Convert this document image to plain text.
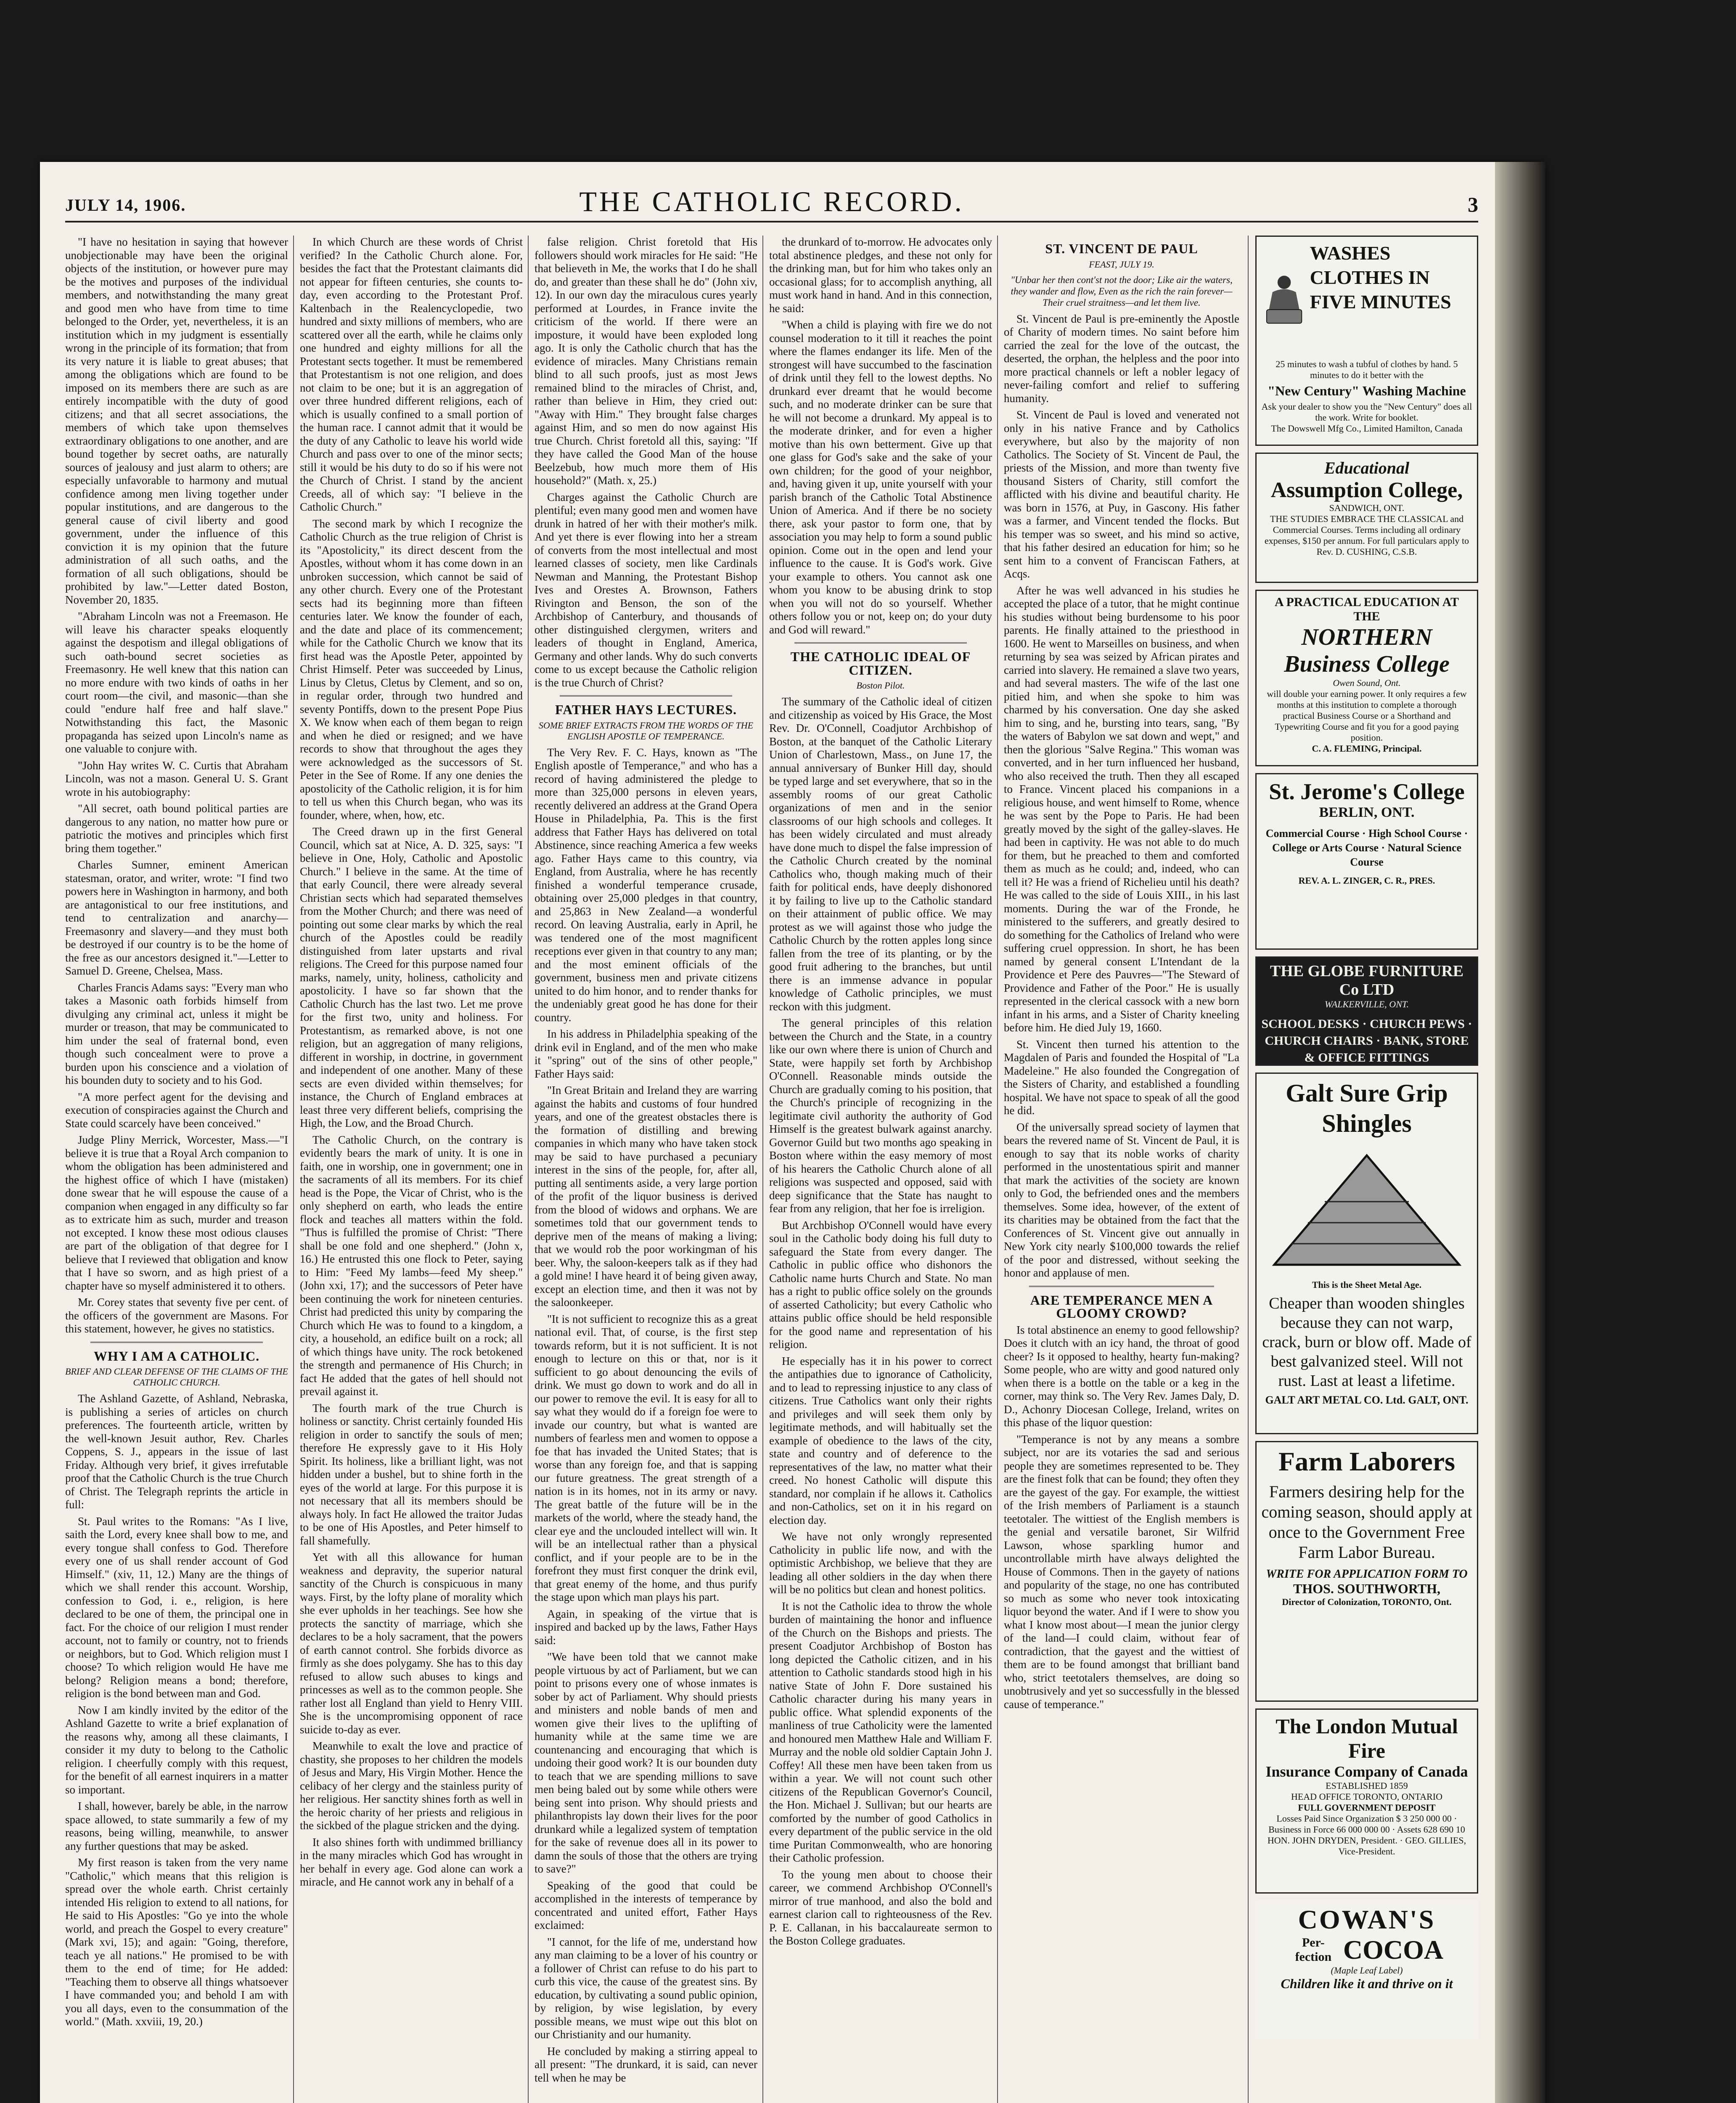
JULY 14, 1906.	THE CATHOLIC RECORD.	3

"I have no hesitation in saying that however unobjectionable may have been the original objects of the institution, or however pure may be the motives and purposes of the individual members, and notwithstanding the many great and good men who have from time to time belonged to the Order, yet, nevertheless, it is an institution which in my judgment is essentially wrong in the principle of its formation; that from its very nature it is liable to great abuses; that among the obligations which are found to be imposed on its members there are such as are entirely incompatible with the duty of good citizens; and that all secret associations, the members of which take upon themselves extraordinary obligations to one another, and are bound together by secret oaths, are naturally sources of jealousy and just alarm to others; are especially unfavorable to harmony and mutual confidence among men living together under popular institutions, and are dangerous to the general cause of civil liberty and good government, under the influence of this conviction it is my opinion that the future administration of all such oaths, and the formation of all such obligations, should be prohibited by law."—Letter dated Boston, November 20, 1835.

"Abraham Lincoln was not a Freemason. He will leave his character speaks eloquently against the despotism and illegal obligations of such oath-bound secret societies as Freemasonry. He well knew that this nation can no more endure with two kinds of oaths in her court room—the civil, and masonic—than she could "endure half free and half slave." Notwithstanding this fact, the Masonic propaganda has seized upon Lincoln's name as one valuable to conjure with.

"John Hay writes W. C. Curtis that Abraham Lincoln, was not a mason. General U. S. Grant wrote in his autobiography:

"All secret, oath bound political parties are dangerous to any nation, no matter how pure or patriotic the motives and principles which first bring them together."

Charles Sumner, eminent American statesman, orator, and writer, wrote: "I find two powers here in Washington in harmony, and both are antagonistical to our free institutions, and tend to centralization and anarchy—Freemasonry and slavery—and they must both be destroyed if our country is to be the home of the free as our ancestors designed it."—Letter to Samuel D. Greene, Chelsea, Mass.

Charles Francis Adams says: "Every man who takes a Masonic oath forbids himself from divulging any criminal act, unless it might be murder or treason, that may be communicated to him under the seal of fraternal bond, even though such concealment were to prove a burden upon his conscience and a violation of his bounden duty to society and to his God.

"A more perfect agent for the devising and execution of conspiracies against the Church and State could scarcely have been conceived."

Judge Pliny Merrick, Worcester, Mass.—"I believe it is true that a Royal Arch companion to whom the obligation has been administered and the highest office of which I have (mistaken) done swear that he will espouse the cause of a companion when engaged in any difficulty so far as to extricate him as such, murder and treason not excepted. I know these most odious clauses are part of the obligation of that degree for I believe that I reviewed that obligation and know that I have so sworn, and as high priest of a chapter have so myself administered it to others.

Mr. Corey states that seventy five per cent. of the officers of the government are Masons. For this statement, however, he gives no statistics.

WHY I AM A CATHOLIC.
BRIEF AND CLEAR DEFENSE OF THE CLAIMS OF THE CATHOLIC CHURCH.

The Ashland Gazette, of Ashland, Nebraska, is publishing a series of articles on church preferences. The fourteenth article, written by the well-known Jesuit author, Rev. Charles Coppens, S. J., appears in the issue of last Friday. Although very brief, it gives irrefutable proof that the Catholic Church is the true Church of Christ. The Telegraph reprints the article in full:

St. Paul writes to the Romans: "As I live, saith the Lord, every knee shall bow to me, and every tongue shall confess to God. Therefore every one of us shall render account of God Himself." (xiv, 11, 12.) Many are the things of which we shall render this account. Worship, confession to God, i. e., religion, is here declared to be one of them, the principal one in fact. For the choice of our religion I must render account, not to family or country, not to friends or neighbors, but to God. Which religion must I choose? To which religion would He have me belong? Religion means a bond; therefore, religion is the bond between man and God.

Now I am kindly invited by the editor of the Ashland Gazette to write a brief explanation of the reasons why, among all these claimants, I consider it my duty to belong to the Catholic religion. I cheerfully comply with this request, for the benefit of all earnest inquirers in a matter so important.

I shall, however, barely be able, in the narrow space allowed, to state summarily a few of my reasons, being willing, meanwhile, to answer any further questions that may be asked.

My first reason is taken from the very name "Catholic," which means that this religion is spread over the whole earth. Christ certainly intended His religion to extend to all nations, for He said to His Apostles: "Go ye into the whole world, and preach the Gospel to every creature" (Mark xvi, 15); and again: "Going, therefore, teach ye all nations." He promised to be with them to the end of time; for He added: "Teaching them to observe all things whatsoever I have commanded you; and behold I am with you all days, even to the consummation of the world." (Math. xxviii, 19, 20.)

In which Church are these words of Christ verified? In the Catholic Church alone. For, besides the fact that the Protestant claimants did not appear for fifteen centuries, she counts to-day, even according to the Protestant Prof. Kaltenbach in the Realencyclopedie, two hundred and sixty millions of members, who are scattered over all the earth, while he claims only one hundred and eighty millions for all the Protestant sects together. It must be remembered that Protestantism is not one religion, and does not claim to be one; but it is an aggregation of over three hundred different religions, each of which is usually confined to a small portion of the human race. I cannot admit that it would be the duty of any Catholic to leave his world wide Church and pass over to one of the minor sects; still it would be his duty to do so if his were not the Church of Christ. I stand by the ancient Creeds, all of which say: "I believe in the Catholic Church."

The second mark by which I recognize the Catholic Church as the true religion of Christ is its "Apostolicity," its direct descent from the Apostles, without whom it has come down in an unbroken succession, which cannot be said of any other church. Every one of the Protestant sects had its beginning more than fifteen centuries later. We know the founder of each, and the date and place of its commencement; while for the Catholic Church we know that its first head was the Apostle Peter, appointed by Christ Himself. Peter was succeeded by Linus, Linus by Cletus, Cletus by Clement, and so on, in regular order, through two hundred and seventy Pontiffs, down to the present Pope Pius X. We know when each of them began to reign and when he died or resigned; and we have records to show that throughout the ages they were acknowledged as the successors of St. Peter in the See of Rome. If any one denies the apostolicity of the Catholic religion, it is for him to tell us when this Church began, who was its founder, where, when, how, etc.

The Creed drawn up in the first General Council, which sat at Nice, A. D. 325, says: "I believe in One, Holy, Catholic and Apostolic Church." I believe in the same. At the time of that early Council, there were already several Christian sects which had separated themselves from the Mother Church; and there was need of pointing out some clear marks by which the real church of the Apostles could be readily distinguished from later upstarts and rival religions. The Creed for this purpose named four marks, namely, unity, holiness, catholicity and apostolicity. I have so far shown that the Catholic Church has the last two. Let me prove for the first two, unity and holiness. For Protestantism, as remarked above, is not one religion, but an aggregation of many religions, different in worship, in doctrine, in government and independent of one another. Many of these sects are even divided within themselves; for instance, the Church of England embraces at least three very different beliefs, comprising the High, the Low, and the Broad Church.

The Catholic Church, on the contrary is evidently bears the mark of unity. It is one in faith, one in worship, one in government; one in the sacraments of all its members. For its chief head is the Pope, the Vicar of Christ, who is the only shepherd on earth, who leads the entire flock and teaches all matters within the fold. "Thus is fulfilled the promise of Christ: "There shall be one fold and one shepherd." (John x, 16.) He entrusted this one flock to Peter, saying to Him: "Feed My lambs—feed My sheep." (John xxi, 17); and the successors of Peter have been continuing the work for nineteen centuries. Christ had predicted this unity by comparing the Church which He was to found to a kingdom, a city, a household, an edifice built on a rock; all of which things have unity. The rock betokened the strength and permanence of His Church; in fact He added that the gates of hell should not prevail against it.

The fourth mark of the true Church is holiness or sanctity. Christ certainly founded His religion in order to sanctify the souls of men; therefore He expressly gave to it His Holy Spirit. Its holiness, like a brilliant light, was not hidden under a bushel, but to shine forth in the eyes of the world at large. For this purpose it is not necessary that all its members should be always holy. In fact He allowed the traitor Judas to be one of His Apostles, and Peter himself to fall shamefully.

Yet with all this allowance for human weakness and depravity, the superior natural sanctity of the Church is conspicuous in many ways. First, by the lofty plane of morality which she ever upholds in her teachings. See how she protects the sanctity of marriage, which she declares to be a holy sacrament, that the powers of earth cannot control. She forbids divorce as firmly as she does polygamy. She has to this day refused to allow such abuses to kings and princesses as well as to the common people. She rather lost all England than yield to Henry VIII. She is the uncompromising opponent of race suicide to-day as ever.

Meanwhile to exalt the love and practice of chastity, she proposes to her children the models of Jesus and Mary, His Virgin Mother. Hence the celibacy of her clergy and the stainless purity of her religious. Her sanctity shines forth as well in the heroic charity of her priests and religious in the sickbed of the plague stricken and the dying.

It also shines forth with undimmed brilliancy in the many miracles which God has wrought in her behalf in every age. God alone can work a miracle, and He cannot work any in behalf of a

false religion. Christ foretold that His followers should work miracles for He said: "He that believeth in Me, the works that I do he shall do, and greater than these shall he do" (John xiv, 12). In our own day the miraculous cures yearly performed at Lourdes, in France invite the criticism of the world. If there were an imposture, it would have been exploded long ago. It is only the Catholic church that has the evidence of miracles. Many Christians remain blind to all such proofs, just as most Jews remained blind to the miracles of Christ, and, rather than believe in Him, they cried out: "Away with Him." They brought false charges against Him, and so men do now against His true Church. Christ foretold all this, saying: "If they have called the Good Man of the house Beelzebub, how much more them of His household?" (Math. x, 25.)

Charges against the Catholic Church are plentiful; even many good men and women have drunk in hatred of her with their mother's milk. And yet there is ever flowing into her a stream of converts from the most intellectual and most learned classes of society, men like Cardinals Newman and Manning, the Protestant Bishop Ives and Orestes A. Brownson, Fathers Rivington and Benson, the son of the Archbishop of Canterbury, and thousands of other distinguished clergymen, writers and leaders of thought in England, America, Germany and other lands. Why do such converts come to us except because the Catholic religion is the true Church of Christ?

FATHER HAYS LECTURES.
SOME BRIEF EXTRACTS FROM THE WORDS OF THE ENGLISH APOSTLE OF TEMPERANCE.

The Very Rev. F. C. Hays, known as "The English apostle of Temperance," and who has a record of having administered the pledge to more than 325,000 persons in eleven years, recently delivered an address at the Grand Opera House in Philadelphia, Pa. This is the first address that Father Hays has delivered on total Abstinence, since reaching America a few weeks ago. Father Hays came to this country, via England, from Australia, where he has recently finished a wonderful temperance crusade, obtaining over 25,000 pledges in that country, and 25,863 in New Zealand—a wonderful record. On leaving Australia, early in April, he was tendered one of the most magnificent receptions ever given in that country to any man; and the most eminent officials of the government, business men and private citizens united to do him honor, and to render thanks for the undeniably great good he has done for their country.

In his address in Philadelphia speaking of the drink evil in England, and of the men who make it "spring" out of the sins of other people," Father Hays said:

"In Great Britain and Ireland they are warring against the habits and customs of four hundred years, and one of the greatest obstacles there is the formation of distilling and brewing companies in which many who have taken stock may be said to have purchased a pecuniary interest in the sins of the people, for, after all, putting all sentiments aside, a very large portion of the profit of the liquor business is derived from the blood of widows and orphans. We are sometimes told that our government tends to deprive men of the means of making a living; that we would rob the poor workingman of his beer. Why, the saloon-keepers talk as if they had a gold mine! I have heard it of being given away, except an election time, and then it was not by the saloonkeeper.

"It is not sufficient to recognize this as a great national evil. That, of course, is the first step towards reform, but it is not sufficient. It is not enough to lecture on this or that, nor is it sufficient to go about denouncing the evils of drink. We must go down to work and do all in our power to remove the evil. It is easy for all to say what they would do if a foreign foe were to invade our country, but what is wanted are numbers of fearless men and women to oppose a foe that has invaded the United States; that is worse than any foreign foe, and that is sapping our future greatness. The great strength of a nation is in its homes, not in its army or navy. The great battle of the future will be in the markets of the world, where the steady hand, the clear eye and the unclouded intellect will win. It will be an intellectual rather than a physical conflict, and if your people are to be in the forefront they must first conquer the drink evil, that great enemy of the home, and thus purify the stage upon which man plays his part.

Again, in speaking of the virtue that is inspired and backed up by the laws, Father Hays said:

"We have been told that we cannot make people virtuous by act of Parliament, but we can point to prisons every one of whose inmates is sober by act of Parliament. Why should priests and ministers and noble bands of men and women give their lives to the uplifting of humanity while at the same time we are countenancing and encouraging that which is undoing their good work? It is our bounden duty to teach that we are spending millions to save men being baled out by some while others were being sent into prison. Why should priests and philanthropists lay down their lives for the poor drunkard while a legalized system of temptation for the sake of revenue does all in its power to damn the souls of those that the others are trying to save?"

Speaking of the good that could be accomplished in the interests of temperance by concentrated and united effort, Father Hays exclaimed:

"I cannot, for the life of me, understand how any man claiming to be a lover of his country or a follower of Christ can refuse to do his part to curb this vice, the cause of the greatest sins. By education, by cultivating a sound public opinion, by religion, by wise legislation, by every possible means, we must wipe out this blot on our Christianity and our humanity.

He concluded by making a stirring appeal to all present: "The drunkard, it is said, can never tell when he may be

the drunkard of to-morrow. He advocates only total abstinence pledges, and these not only for the drinking man, but for him who takes only an occasional glass; for to accomplish anything, all must work hand in hand. And in this connection, he said:

"When a child is playing with fire we do not counsel moderation to it till it reaches the point where the flames endanger its life. Men of the strongest will have succumbed to the fascination of drink until they fell to the lowest depths. No drunkard ever dreamt that he would become such, and no moderate drinker can be sure that he will not become a drunkard. My appeal is to the moderate drinker, and for even a higher motive than his own betterment. Give up that one glass for God's sake and the sake of your own children; for the good of your neighbor, and, having given it up, unite yourself with your parish branch of the Catholic Total Abstinence Union of America. And if there be no society there, ask your pastor to form one, that by association you may help to form a sound public opinion. Come out in the open and lend your influence to the cause. It is God's work. Give your example to others. You cannot ask one whom you know to be abusing drink to stop when you will not do so yourself. Whether others follow you or not, keep on; do your duty and God will reward."

THE CATHOLIC IDEAL OF CITIZEN.
Boston Pilot.

The summary of the Catholic ideal of citizen and citizenship as voiced by His Grace, the Most Rev. Dr. O'Connell, Coadjutor Archbishop of Boston, at the banquet of the Catholic Literary Union of Charlestown, Mass., on June 17, the annual anniversary of Bunker Hill day, should be typed large and set everywhere, that so in the assembly rooms of our great Catholic organizations of men and in the senior classrooms of our high schools and colleges. It has been widely circulated and must already have done much to dispel the false impression of the Catholic Church created by the nominal Catholics who, though making much of their faith for political ends, have deeply dishonored it by failing to live up to the Catholic standard on their attainment of public office. We may protest as we will against those who judge the Catholic Church by the rotten apples long since fallen from the tree of its planting, or by the good fruit adhering to the branches, but until there is an immense advance in popular knowledge of Catholic principles, we must reckon with this judgment.

The general principles of this relation between the Church and the State, in a country like our own where there is union of Church and State, were happily set forth by Archbishop O'Connell. Reasonable minds outside the Church are gradually coming to his position, that the Church's principle of recognizing in the legitimate civil authority the authority of God Himself is the greatest bulwark against anarchy. Governor Guild but two months ago speaking in Boston where within the easy memory of most of his hearers the Catholic Church alone of all religions was suspected and opposed, said with deep significance that the State has naught to fear from any religion, that her foe is irreligion.

But Archbishop O'Connell would have every soul in the Catholic body doing his full duty to safeguard the State from every danger. The Catholic in public office who dishonors the Catholic name hurts Church and State. No man has a right to public office solely on the grounds of asserted Catholicity; but every Catholic who attains public office should be held responsible for the good name and representation of his religion.

He especially has it in his power to correct the antipathies due to ignorance of Catholicity, and to lead to repressing injustice to any class of citizens. True Catholics want only their rights and privileges and will seek them only by legitimate methods, and will habitually set the example of obedience to the laws of the city, state and country and of deference to the representatives of the law, no matter what their creed. No honest Catholic will dispute this standard, nor complain if he allows it. Catholics and non-Catholics, set on it in his regard on election day.

We have not only wrongly represented Catholicity in public life now, and with the optimistic Archbishop, we believe that they are leading all other soldiers in the day when there will be no politics but clean and honest politics.

It is not the Catholic idea to throw the whole burden of maintaining the honor and influence of the Church on the Bishops and priests. The present Coadjutor Archbishop of Boston has long depicted the Catholic citizen, and in his attention to Catholic standards stood high in his native State of John F. Dore sustained his Catholic character during his many years in public office. What splendid exponents of the manliness of true Catholicity were the lamented and honoured men Matthew Hale and William F. Murray and the noble old soldier Captain John J. Coffey! All these men have been taken from us within a year. We will not count such other citizens of the Republican Governor's Council, the Hon. Michael J. Sullivan; but our hearts are comforted by the number of good Catholics in every department of the public service in the old time Puritan Commonwealth, who are honoring their Catholic profession.

To the young men about to choose their career, we commend Archbishop O'Connell's mirror of true manhood, and also the bold and earnest clarion call to righteousness of the Rev. P. E. Callanan, in his baccalaureate sermon to the Boston College graduates.

ST. VINCENT DE PAUL
FEAST, JULY 19.
"Unbar her then cont'st not the door; Like air the waters, they wander and flow, Even as the rich the rain forever— Their cruel straitness—and let them live.

St. Vincent de Paul is pre-eminently the Apostle of Charity of modern times. No saint before him carried the zeal for the love of the outcast, the deserted, the orphan, the helpless and the poor into more practical channels or left a nobler legacy of never-failing comfort and relief to suffering humanity.

St. Vincent de Paul is loved and venerated not only in his native France and by Catholics everywhere, but also by the majority of non Catholics. The Society of St. Vincent de Paul, the priests of the Mission, and more than twenty five thousand Sisters of Charity, still comfort the afflicted with his divine and beautiful charity. He was born in 1576, at Puy, in Gascony. His father was a farmer, and Vincent tended the flocks. But his temper was so sweet, and his mind so active, that his father desired an education for him; so he sent him to a convent of Franciscan Fathers, at Acqs.

After he was well advanced in his studies he accepted the place of a tutor, that he might continue his studies without being burdensome to his poor parents. He finally attained to the priesthood in 1600. He went to Marseilles on business, and when returning by sea was seized by African pirates and carried into slavery. He remained a slave two years, and had several masters. The wife of the last one pitied him, and when she spoke to him was charmed by his conversation. One day she asked him to sing, and he, bursting into tears, sang, "By the waters of Babylon we sat down and wept," and then the glorious "Salve Regina." This woman was converted, and in her turn influenced her husband, who also received the truth. Then they all escaped to France. Vincent placed his companions in a religious house, and went himself to Rome, whence he was sent by the Pope to Paris. He had been greatly moved by the sight of the galley-slaves. He had been in captivity. He was not able to do much for them, but he preached to them and comforted them as much as he could; and, indeed, who can tell it? He was a friend of Richelieu until his death? He was called to the side of Louis XIII., in his last moments. During the war of the Fronde, he ministered to the sufferers, and greatly desired to do something for the Catholics of Ireland who were suffering cruel oppression. In short, he has been named by general consent L'Intendant de la Providence et Pere des Pauvres—"The Steward of Providence and Father of the Poor." He is usually represented in the clerical cassock with a new born infant in his arms, and a Sister of Charity kneeling before him. He died July 19, 1660.

St. Vincent then turned his attention to the Magdalen of Paris and founded the Hospital of "La Madeleine." He also founded the Congregation of the Sisters of Charity, and established a foundling hospital. We have not space to speak of all the good he did.

Of the universally spread society of laymen that bears the revered name of St. Vincent de Paul, it is enough to say that its noble works of charity performed in the unostentatious spirit and manner that mark the activities of the society are known only to God, the befriended ones and the members themselves. Some idea, however, of the extent of its charities may be obtained from the fact that the Conferences of St. Vincent give out annually in New York city nearly $100,000 towards the relief of the poor and distressed, without seeking the honor and applause of men.

ARE TEMPERANCE MEN A GLOOMY CROWD?

Is total abstinence an enemy to good fellowship? Does it clutch with an icy hand, the throat of good cheer? Is it opposed to healthy, hearty fun-making? Some people, who are witty and good natured only when there is a bottle on the table or a keg in the corner, may think so. The Very Rev. James Daly, D. D., Achonry Diocesan College, Ireland, writes on this phase of the liquor question:

"Temperance is not by any means a sombre subject, nor are its votaries the sad and serious people they are sometimes represented to be. They are the finest folk that can be found; they often they are the gayest of the gay. For example, the wittiest of the Irish members of Parliament is a staunch teetotaler. The wittiest of the English members is the genial and versatile baronet, Sir Wilfrid Lawson, whose sparkling humor and uncontrollable mirth have always delighted the House of Commons. Then in the gayety of nations and popularity of the stage, no one has contributed so much as some who never took intoxicating liquor beyond the water. And if I were to show you what I know most about—I mean the junior clergy of the land—I could claim, without fear of contradiction, that the gayest and the wittiest of them are to be found amongst that brilliant band who, strict teetotalers themselves, are doing so unobtrusively and yet so successfully in the blessed cause of temperance."

WASHES CLOTHES IN FIVE MINUTES
25 minutes to wash a tubful of clothes by hand. 5 minutes to do it better with the
"New Century" Washing Machine
Ask your dealer to show you the "New Century" does all the work. Write for booklet.
The Dowswell Mfg Co., Limited Hamilton, Canada
Educational
Assumption College,
SANDWICH, ONT.
THE STUDIES EMBRACE THE CLASSICAL and Commercial Courses. Terms including all ordinary expenses, $150 per annum. For full particulars apply to Rev. D. CUSHING, C.S.B.
A PRACTICAL EDUCATION AT THE
NORTHERN Business College
Owen Sound, Ont.
will double your earning power. It only requires a few months at this institution to complete a thorough practical Business Course or a Shorthand and Typewriting Course and fit you for a good paying position.
C. A. FLEMING, Principal.
St. Jerome's College
BERLIN, ONT.
Commercial Course · High School Course · College or Arts Course · Natural Science Course
REV. A. L. ZINGER, C. R., PRES.
THE GLOBE FURNITURE Co LTD
WALKERVILLE, ONT.
SCHOOL DESKS · CHURCH PEWS · CHURCH CHAIRS · BANK, STORE & OFFICE FITTINGS
Galt Sure Grip Shingles
This is the Sheet Metal Age.
Cheaper than wooden shingles because they can not warp, crack, burn or blow off. Made of best galvanized steel. Will not rust. Last at least a lifetime.
GALT ART METAL CO. Ltd. GALT, ONT.
Farm Laborers
Farmers desiring help for the coming season, should apply at once to the Government Free Farm Labor Bureau.
WRITE FOR APPLICATION FORM TO
THOS. SOUTHWORTH,
Director of Colonization, TORONTO, Ont.
The London Mutual Fire
Insurance Company of Canada
ESTABLISHED 1859
HEAD OFFICE TORONTO, ONTARIO
FULL GOVERNMENT DEPOSIT
Losses Paid Since Organization $ 3 250 000 00 · Business in Force 66 000 000 00 · Assets 628 690 10
HON. JOHN DRYDEN, President. · GEO. GILLIES, Vice-President.
COWAN'S
Per-fection COCOA
(Maple Leaf Label)
Children like it and thrive on it
